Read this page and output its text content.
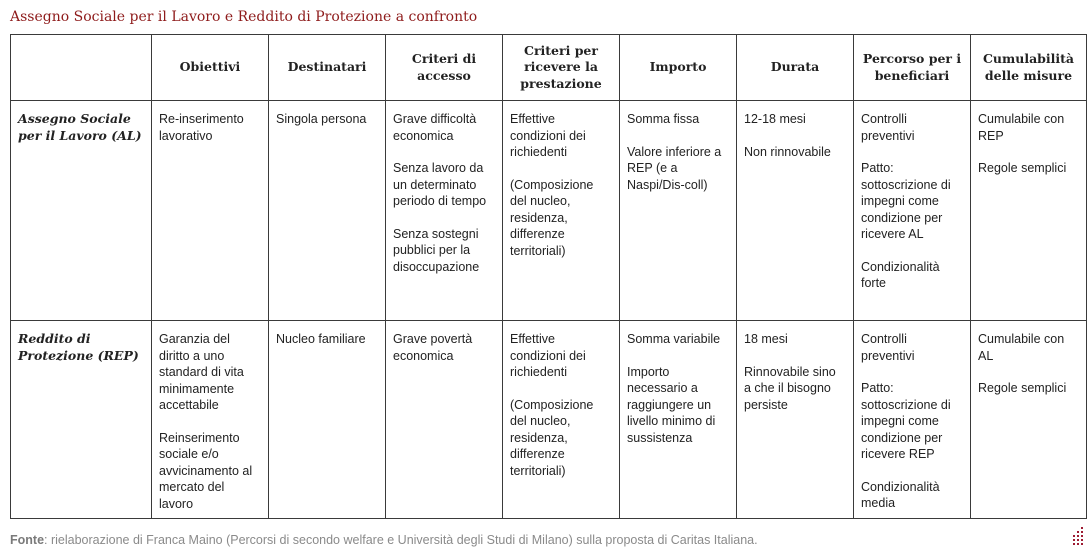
Assegno Sociale per il Lavoro e Reddito di Protezione a confronto
	Obiettivi	Destinatari	Criteri di accesso	Criteri per ricevere la prestazione	Importo	Durata	Percorso per i beneficiari	Cumulabilità delle misure
Assegno Sociale per il Lavoro (AL)	Re-inserimento lavorativo	Singola persona	Grave difficoltà economica
Senza lavoro da un determinato periodo di tempo
Senza sostegni pubblici per la disoccupazione	Effettive condizioni dei richiedenti
(Composizione del nucleo, residenza, differenze territoriali)	Somma fissa
Valore inferiore a REP (e a Naspi/Dis-coll)	12-18 mesi
Non rinnovabile	Controlli preventivi
Patto: sottoscrizione di impegni come condizione per ricevere AL
Condizionalità forte	Cumulabile con REP
Regole semplici

Reddito di Protezione (REP)	Garanzia del diritto a uno standard di vita minimamente accettabile
Reinserimento sociale e/o avvicinamento al mercato del lavoro	Nucleo familiare	Grave povertà economica	Effettive condizioni dei richiedenti
(Composizione del nucleo, residenza, differenze territoriali)	Somma variabile
Importo necessario a raggiungere un livello minimo di sussistenza	18 mesi
Rinnovabile sino a che il bisogno persiste	Controlli preventivi
Patto: sottoscrizione di impegni come condizione per ricevere REP
Condizionalità media	Cumulabile con AL
Regole semplici
Fonte: rielaborazione di Franca Maino (Percorsi di secondo welfare e Università degli Studi di Milano) sulla proposta di Caritas Italiana.
